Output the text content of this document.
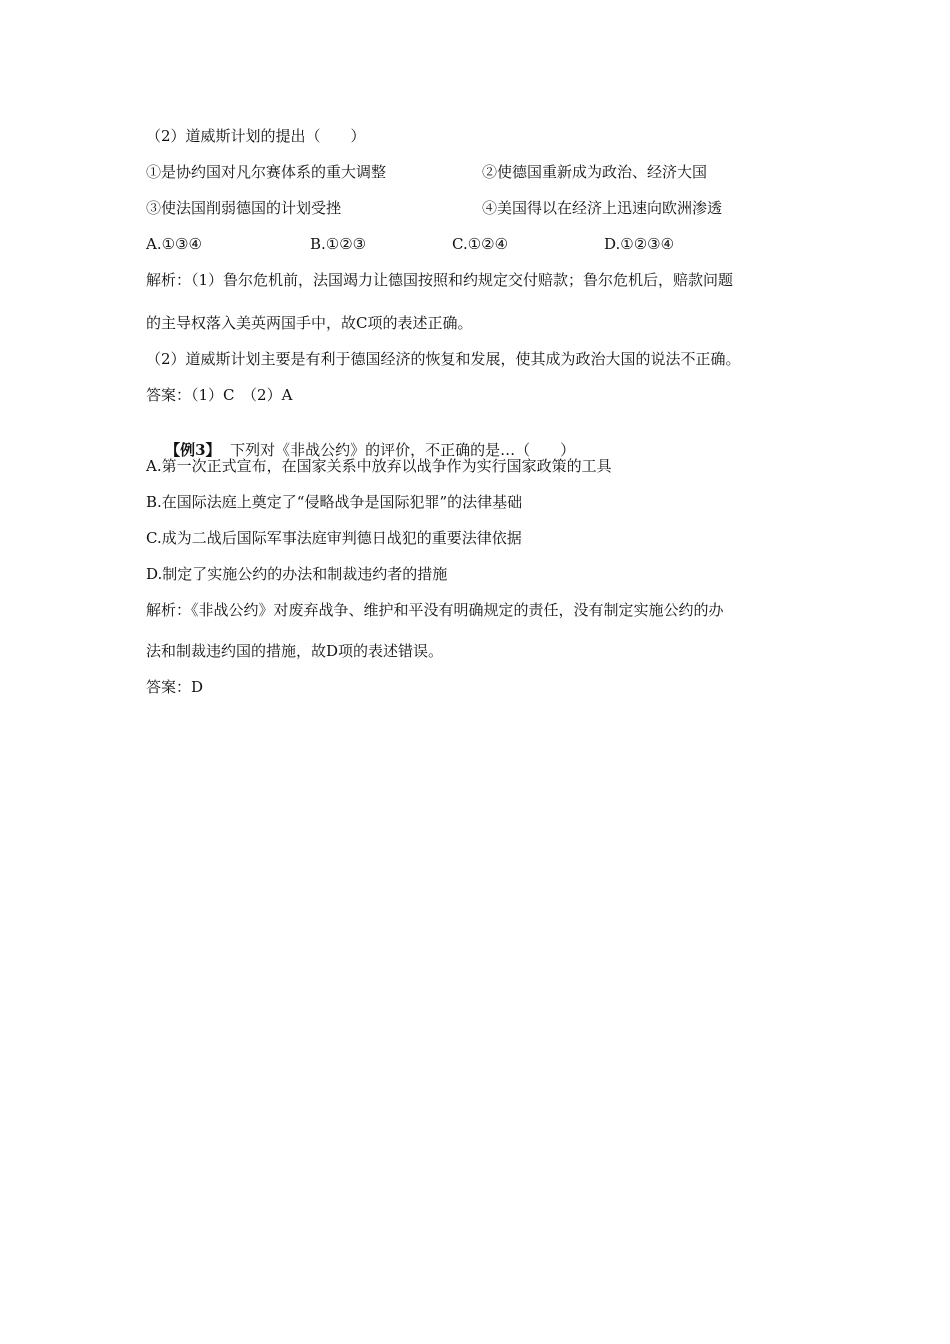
（2）道威斯计划的提出（　　）
①是协约国对凡尔赛体系的重大调整	②使德国重新成为政治、经济大国
③使法国削弱德国的计划受挫	④美国得以在经济上迅速向欧洲渗透
A.①③④	B.①②③	C.①②④	D.①②③④
解析：（1）鲁尔危机前，法国竭力让德国按照和约规定交付赔款；鲁尔危机后，赔款问题
的主导权落入美英两国手中，故C项的表述正确。
（2）道威斯计划主要是有利于德国经济的恢复和发展，使其成为政治大国的说法不正确。
答案：（1）C　（2）A

【例3】 下列对《非战公约》的评价，不正确的是…（　　）

A.第一次正式宣布，在国家关系中放弃以战争作为实行国家政策的工具
B.在国际法庭上奠定了“侵略战争是国际犯罪”的法律基础
C.成为二战后国际军事法庭审判德日战犯的重要法律依据
D.制定了实施公约的办法和制裁违约者的措施
解析：《非战公约》对废弃战争、维护和平没有明确规定的责任，没有制定实施公约的办
法和制裁违约国的措施，故D项的表述错误。
答案：D
